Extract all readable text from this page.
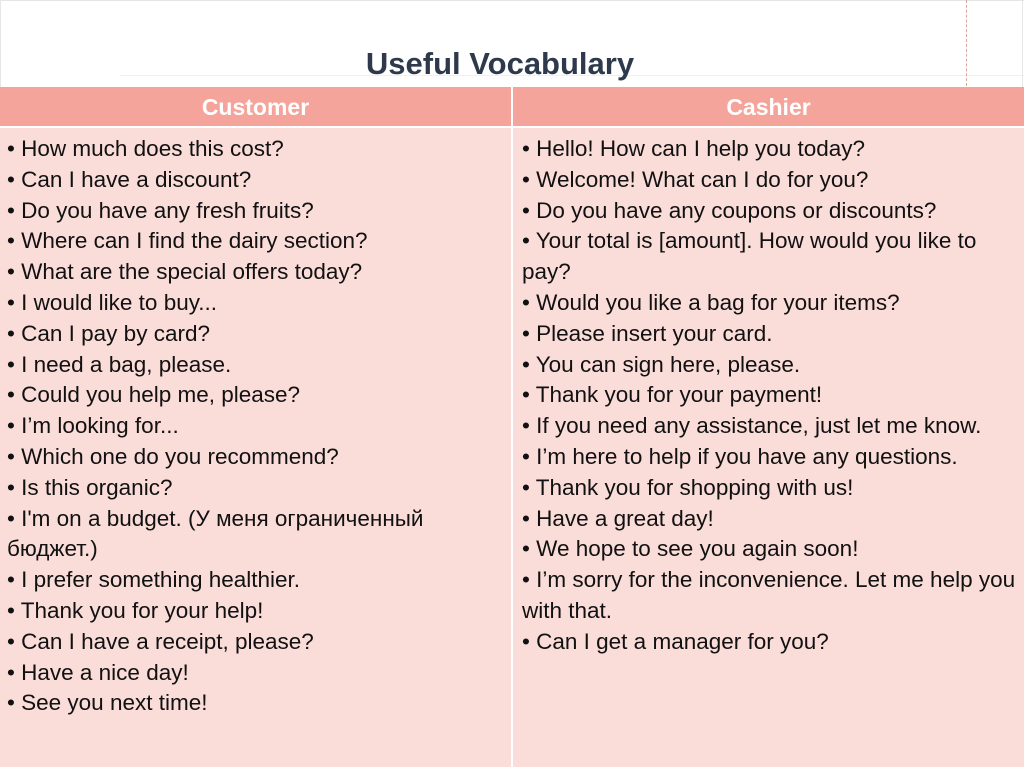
Useful Vocabulary
Customer	Cashier

• How much does this cost?

• Can I have a discount?

• Do you have any fresh fruits?

• Where can I find the dairy section?

• What are the special offers today?

• I would like to buy...

• Can I pay by card?

• I need a bag, please.

• Could you help me, please?

• I’m looking for...

• Which one do you recommend?

• Is this organic?

• I'm on a budget. (У меня ограниченный бюджет.)

• I prefer something healthier.

• Thank you for your help!

• Can I have a receipt, please?

• Have a nice day!

• See you next time!

• Hello! How can I help you today?

• Welcome! What can I do for you?

• Do you have any coupons or discounts?

• Your total is [amount]. How would you like to pay?

• Would you like a bag for your items?

• Please insert your card.

• You can sign here, please.

• Thank you for your payment!

• If you need any assistance, just let me know.

• I’m here to help if you have any questions.

• Thank you for shopping with us!

• Have a great day!

• We hope to see you again soon!

• I’m sorry for the inconvenience. Let me help you with that.

• Can I get a manager for you?
